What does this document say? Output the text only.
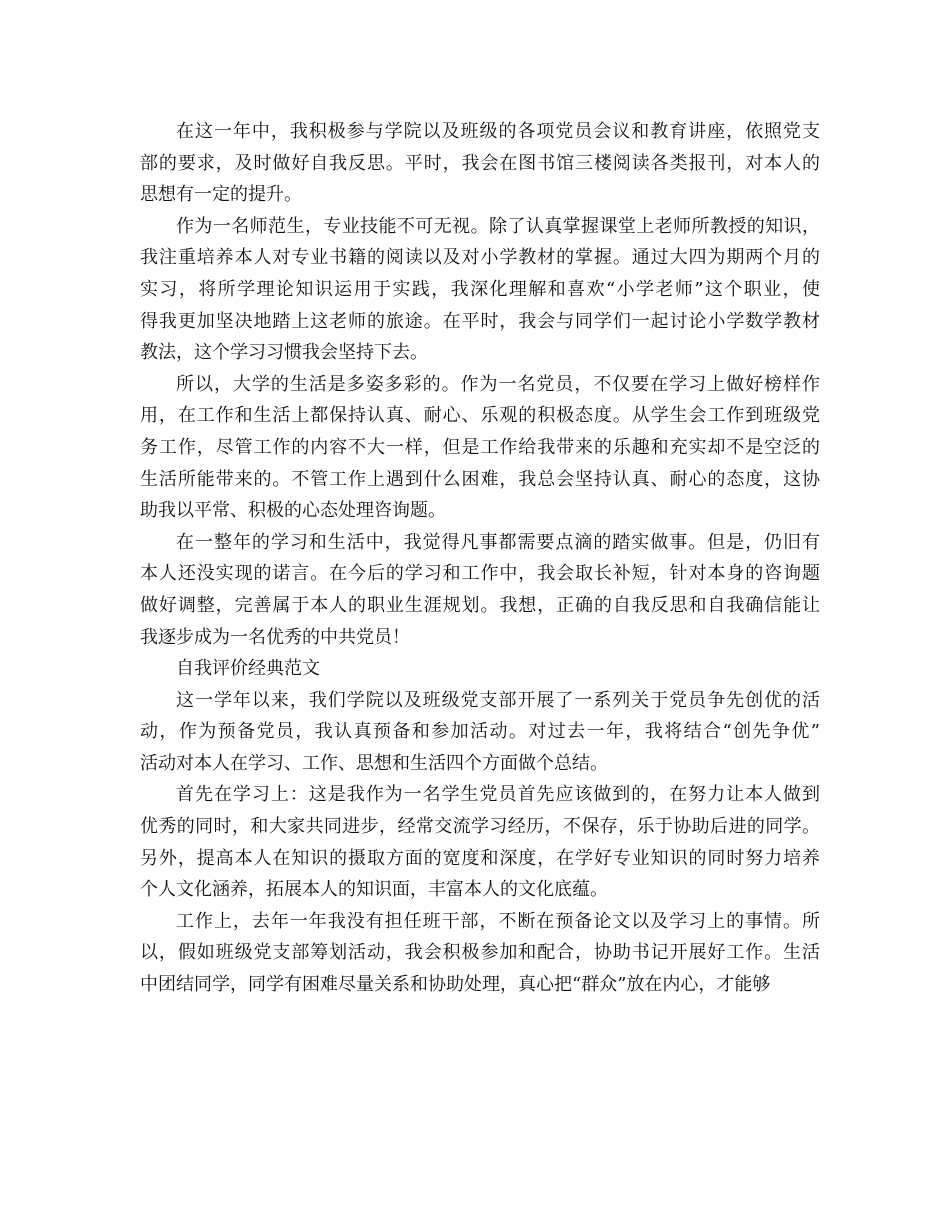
在这一年中，我积极参与学院以及班级的各项党员会议和教育讲座，依照党支
部的要求，及时做好自我反思。平时，我会在图书馆三楼阅读各类报刊，对本人的
思想有一定的提升。
作为一名师范生，专业技能不可无视。除了认真掌握课堂上老师所教授的知识，
我注重培养本人对专业书籍的阅读以及对小学教材的掌握。通过大四为期两个月的
实习，将所学理论知识运用于实践，我深化理解和喜欢“小学老师”这个职业，使
得我更加坚决地踏上这老师的旅途。在平时，我会与同学们一起讨论小学数学教材
教法，这个学习习惯我会坚持下去。
所以，大学的生活是多姿多彩的。作为一名党员，不仅要在学习上做好榜样作
用，在工作和生活上都保持认真、耐心、乐观的积极态度。从学生会工作到班级党
务工作，尽管工作的内容不大一样，但是工作给我带来的乐趣和充实却不是空泛的
生活所能带来的。不管工作上遇到什么困难，我总会坚持认真、耐心的态度，这协
助我以平常、积极的心态处理咨询题。
在一整年的学习和生活中，我觉得凡事都需要点滴的踏实做事。但是，仍旧有
本人还没实现的诺言。在今后的学习和工作中，我会取长补短，针对本身的咨询题
做好调整，完善属于本人的职业生涯规划。我想，正确的自我反思和自我确信能让
我逐步成为一名优秀的中共党员！
自我评价经典范文
这一学年以来，我们学院以及班级党支部开展了一系列关于党员争先创优的活
动，作为预备党员，我认真预备和参加活动。对过去一年，我将结合“创先争优”
活动对本人在学习、工作、思想和生活四个方面做个总结。
首先在学习上：这是我作为一名学生党员首先应该做到的，在努力让本人做到
优秀的同时，和大家共同进步，经常交流学习经历，不保存，乐于协助后进的同学。
另外，提高本人在知识的摄取方面的宽度和深度，在学好专业知识的同时努力培养
个人文化涵养，拓展本人的知识面，丰富本人的文化底蕴。
工作上，去年一年我没有担任班干部，不断在预备论文以及学习上的事情。所
以，假如班级党支部筹划活动，我会积极参加和配合，协助书记开展好工作。生活
中团结同学，同学有困难尽量关系和协助处理，真心把“群众”放在内心，才能够
